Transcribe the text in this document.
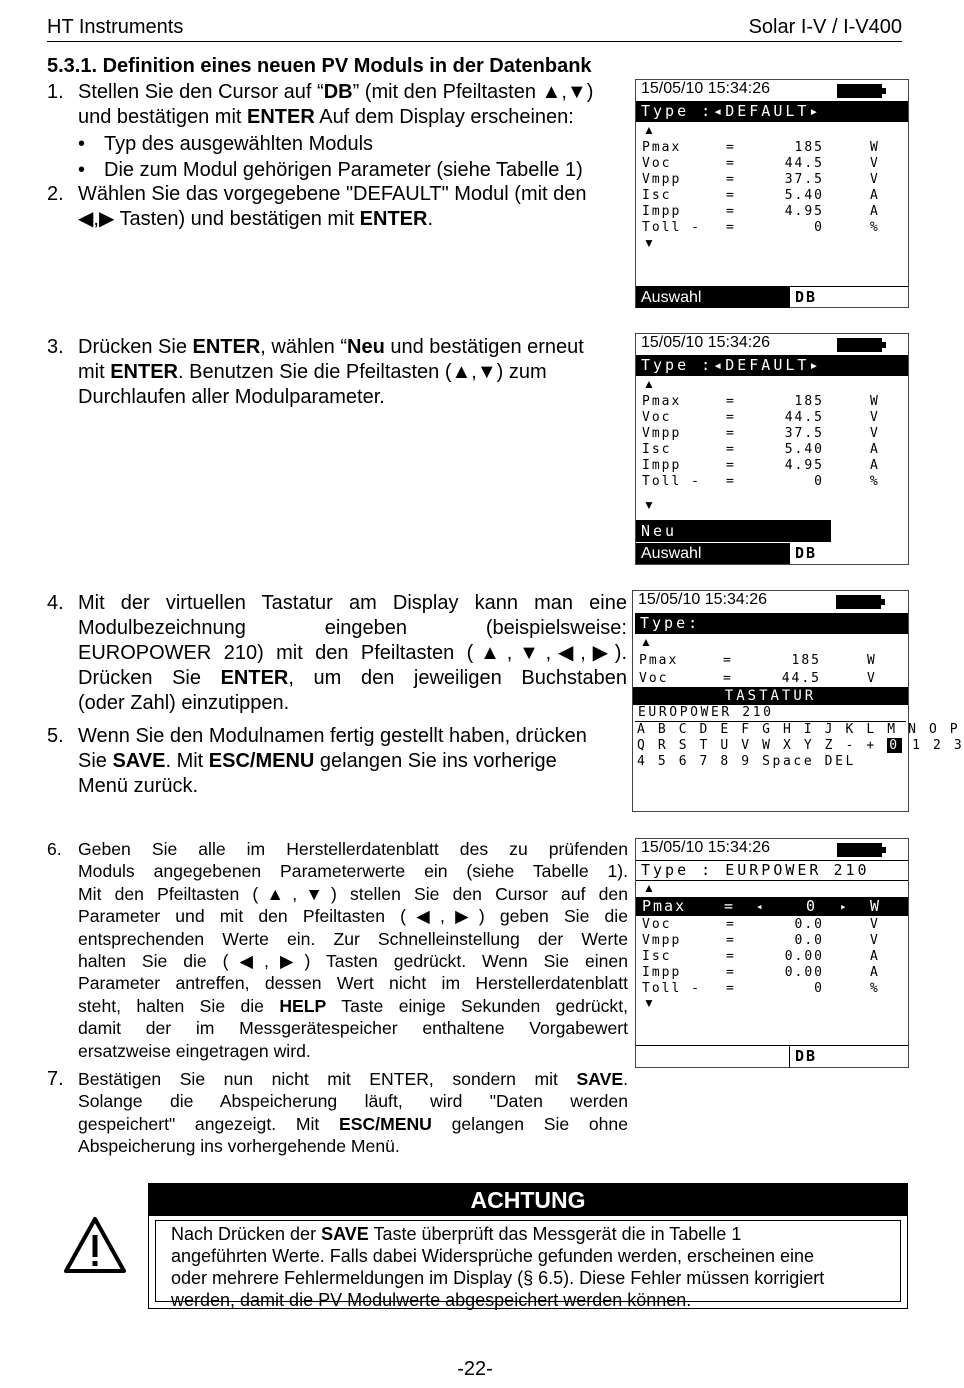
HT Instruments	Solar I-V / I-V400
5.3.1. Definition eines neuen PV Moduls in der Datenbank
1. Stellen Sie den Cursor auf “DB” (mit den Pfeiltasten ▲,▼)
und bestätigen mit ENTER Auf dem Display erscheinen:
• Typ des ausgewählten Moduls
• Die zum Modul gehörigen Parameter (siehe Tabelle 1)
2. Wählen Sie das vorgegebene "DEFAULT" Modul (mit den
◀,▶ Tasten) und bestätigen mit ENTER.
3. Drücken Sie ENTER, wählen “Neu und bestätigen erneut
mit ENTER. Benutzen Sie die Pfeiltasten (▲,▼) zum
Durchlaufen aller Modulparameter.
4. Mit der virtuellen Tastatur am Display kann man eine
Modulbezeichnung eingeben (beispielsweise:
EUROPOWER 210) mit den Pfeiltasten (▲,▼,◀,▶).
Drücken Sie ENTER, um den jeweiligen Buchstaben
(oder Zahl) einzutippen.
5. Wenn Sie den Modulnamen fertig gestellt haben, drücken
Sie SAVE. Mit ESC/MENU gelangen Sie ins vorherige
Menü zurück.
6. Geben Sie alle im Herstellerdatenblatt des zu prüfenden
Moduls angegebenen Parameterwerte ein (siehe Tabelle 1).
Mit den Pfeiltasten (▲,▼) stellen Sie den Cursor auf den
Parameter und mit den Pfeiltasten (◀,▶) geben Sie die
entsprechenden Werte ein. Zur Schnelleinstellung der Werte
halten Sie die (◀,▶) Tasten gedrückt. Wenn Sie einen
Parameter antreffen, dessen Wert nicht im Herstellerdatenblatt
steht, halten Sie die HELP Taste einige Sekunden gedrückt,
damit der im Messgerätespeicher enthaltene Vorgabewert
ersatzweise eingetragen wird.
7. Bestätigen Sie nun nicht mit ENTER, sondern mit SAVE.
Solange die Abspeicherung läuft, wird "Daten werden
gespeichert" angezeigt. Mit ESC/MENU gelangen Sie ohne
Abspeicherung ins vorhergehende Menü.
15/05/10 15:34:26
Type :◂DEFAULT▸
▲
Pmax	=	185	W
Voc	=	44.5	V
Vmpp	=	37.5	V
Isc	=	5.40	A
Impp	=	4.95	A
Toll - =	0	%
▼
Auswahl	DB
15/05/10 15:34:26
Type :◂DEFAULT▸
▲
Pmax	=	185	W
Voc	=	44.5	V
Vmpp	=	37.5	V
Isc	=	5.40	A
Impp	=	4.95	A
Toll - =	0	%
▼
Neu
Auswahl	DB
15/05/10 15:34:26
Type:
▲
Pmax	=	185	W
Voc	=	44.5	V
TASTATUR
EUROPOWER 210
A B C D E F G H I J K L M N O P
Q R S T U V W X Y Z - + 0 1 2 3
4 5 6 7 8 9 Space DEL
15/05/10 15:34:26
Type : EURPOWER 210
▲
Pmax	= ◂	0 ▸ W
Voc	=	0.0	V
Vmpp	=	0.0	V
Isc	=	0.00	A
Impp	=	0.00	A
Toll - =	0	%
▼
DB
ACHTUNG
Nach Drücken der SAVE Taste überprüft das Messgerät die in Tabelle 1
angeführten Werte. Falls dabei Widersprüche gefunden werden, erscheinen eine
oder mehrere Fehlermeldungen im Display (§ 6.5). Diese Fehler müssen korrigiert
werden, damit die PV Modulwerte abgespeichert werden können.
-22-
